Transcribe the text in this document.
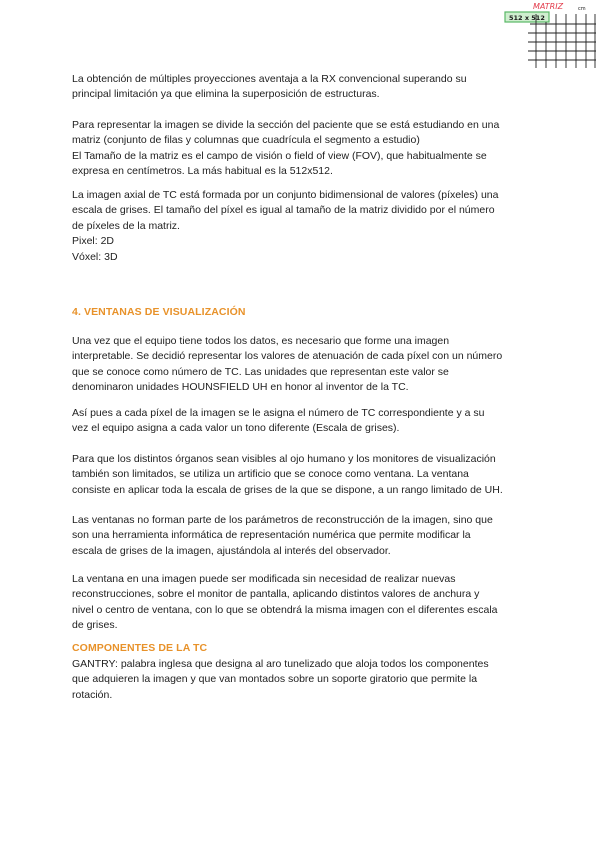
MATRIZ	cm
512 x 512
La obtención de múltiples proyecciones aventaja a la RX convencional superando su
principal limitación ya que elimina la superposición de estructuras.
Para representar la imagen se divide la sección del paciente que se está estudiando en una
matriz (conjunto de filas y columnas que cuadrícula el segmento a estudio)
El Tamaño de la matriz es el campo de visión o field of view (FOV), que habitualmente se
expresa en centímetros. La más habitual es la 512x512.
La imagen axial de TC está formada por un conjunto bidimensional de valores (píxeles) una
escala de grises. El tamaño del píxel es igual al tamaño de la matriz dividido por el número
de píxeles de la matriz.
Pixel: 2D
Vóxel: 3D
4. VENTANAS DE VISUALIZACIÓN
Una vez que el equipo tiene todos los datos, es necesario que forme una imagen
interpretable. Se decidió representar los valores de atenuación de cada píxel con un número
que se conoce como número de TC. Las unidades que representan este valor se
denominaron unidades HOUNSFIELD UH en honor al inventor de la TC.
Así pues a cada píxel de la imagen se le asigna el número de TC correspondiente y a su
vez el equipo asigna a cada valor un tono diferente (Escala de grises).
Para que los distintos órganos sean visibles al ojo humano y los monitores de visualización
también son limitados, se utiliza un artificio que se conoce como ventana. La ventana
consiste en aplicar toda la escala de grises de la que se dispone, a un rango limitado de UH.
Las ventanas no forman parte de los parámetros de reconstrucción de la imagen, sino que
son una herramienta informática de representación numérica que permite modificar la
escala de grises de la imagen, ajustándola al interés del observador.
La ventana en una imagen puede ser modificada sin necesidad de realizar nuevas
reconstrucciones, sobre el monitor de pantalla, aplicando distintos valores de anchura y
nivel o centro de ventana, con lo que se obtendrá la misma imagen con el diferentes escala
de grises.
COMPONENTES DE LA TC
GANTRY: palabra inglesa que designa al aro tunelizado que aloja todos los componentes
que adquieren la imagen y que van montados sobre un soporte giratorio que permite la
rotación.
